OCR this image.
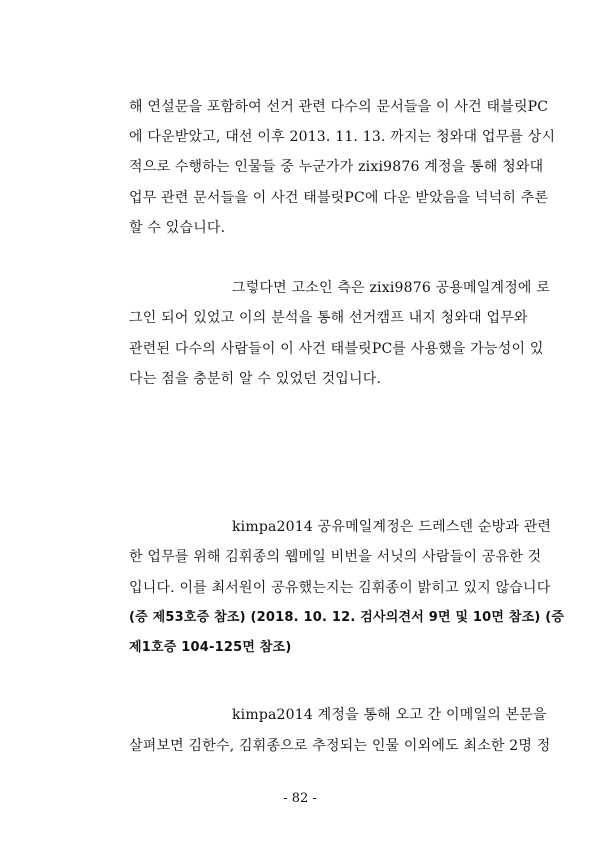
해 연설문을 포함하여 선거 관련 다수의 문서들을 이 사건 태블릿PC
에 다운받았고, 대선 이후 2013. 11. 13. 까지는 청와대 업무를 상시
적으로 수행하는 인물들 중 누군가가 zixi9876 계정을 통해 청와대
업무 관련 문서들을 이 사건 태블릿PC에 다운 받았음을 넉넉히 추론
할 수 있습니다.
그렇다면 고소인 측은 zixi9876 공용메일계정에 로
그인 되어 있었고 이의 분석을 통해 선거캠프 내지 청와대 업무와
관련된 다수의 사람들이 이 사건 태블릿PC를 사용했을 가능성이 있
다는 점을 충분히 알 수 있었던 것입니다.
kimpa2014 공유메일계정은 드레스덴 순방과 관련
한 업무를 위해 김휘종의 웹메일 비번을 서닛의 사람들이 공유한 것
입니다. 이를 최서원이 공유했는지는 김휘종이 밝히고 있지 않습니다
(증 제53호증 참조) (2018. 10. 12. 검사의견서 9면 및 10면 참조) (증
제1호증 104-125면 참조)
kimpa2014 계정을 통해 오고 간 이메일의 본문을
살펴보면 김한수, 김휘종으로 추정되는 인물 이외에도 최소한 2명 정
- 82 -
